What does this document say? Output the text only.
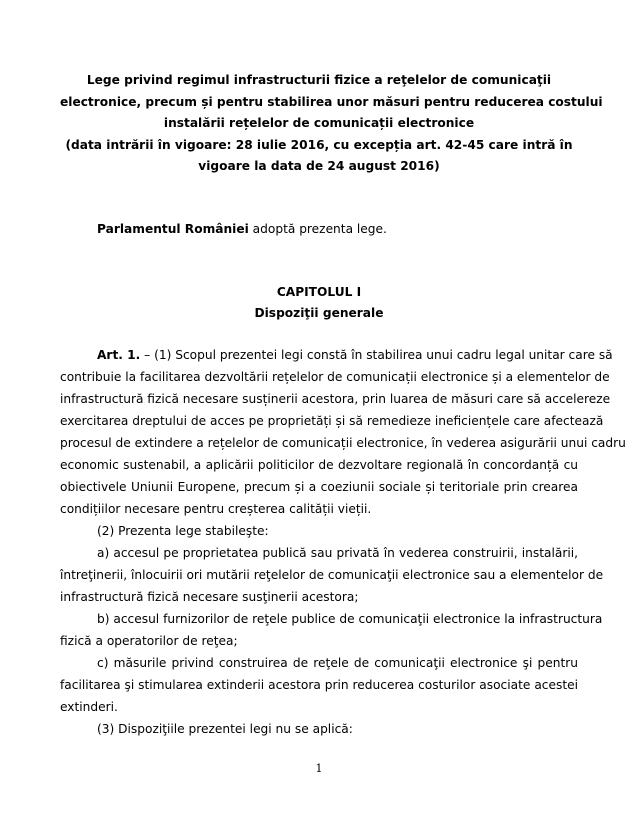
Lege privind regimul infrastructurii fizice a reţelelor de comunicaţii
electronice, precum și pentru stabilirea unor măsuri pentru reducerea costului
instalării rețelelor de comunicații electronice
(data intrării în vigoare: 28 iulie 2016, cu excepția art. 42-45 care intră în
vigoare la data de 24 august 2016)
Parlamentul României adoptă prezenta lege.
CAPITOLUL I
Dispoziţii generale
Art. 1. – (1) Scopul prezentei legi constă în stabilirea unui cadru legal unitar care să
contribuie la facilitarea dezvoltării rețelelor de comunicații electronice și a elementelor de
infrastructură fizică necesare susținerii acestora, prin luarea de măsuri care să accelereze
exercitarea dreptului de acces pe proprietăți și să remedieze ineficiențele care afectează
procesul de extindere a rețelelor de comunicații electronice, în vederea asigurării unui cadru
economic sustenabil, a aplicării politicilor de dezvoltare regională în concordanță cu
obiectivele Uniunii Europene, precum și a coeziunii sociale și teritoriale prin crearea
condițiilor necesare pentru creșterea calității vieții.
(2) Prezenta lege stabileşte:
a) accesul pe proprietatea publică sau privată în vederea construirii, instalării,
întreţinerii, înlocuirii ori mutării reţelelor de comunicaţii electronice sau a elementelor de
infrastructură fizică necesare susţinerii acestora;
b) accesul furnizorilor de reţele publice de comunicaţii electronice la infrastructura
fizică a operatorilor de reţea;
c) măsurile privind construirea de reţele de comunicaţii electronice şi pentru
facilitarea şi stimularea extinderii acestora prin reducerea costurilor asociate acestei
extinderi.
(3) Dispoziţiile prezentei legi nu se aplică:
1
